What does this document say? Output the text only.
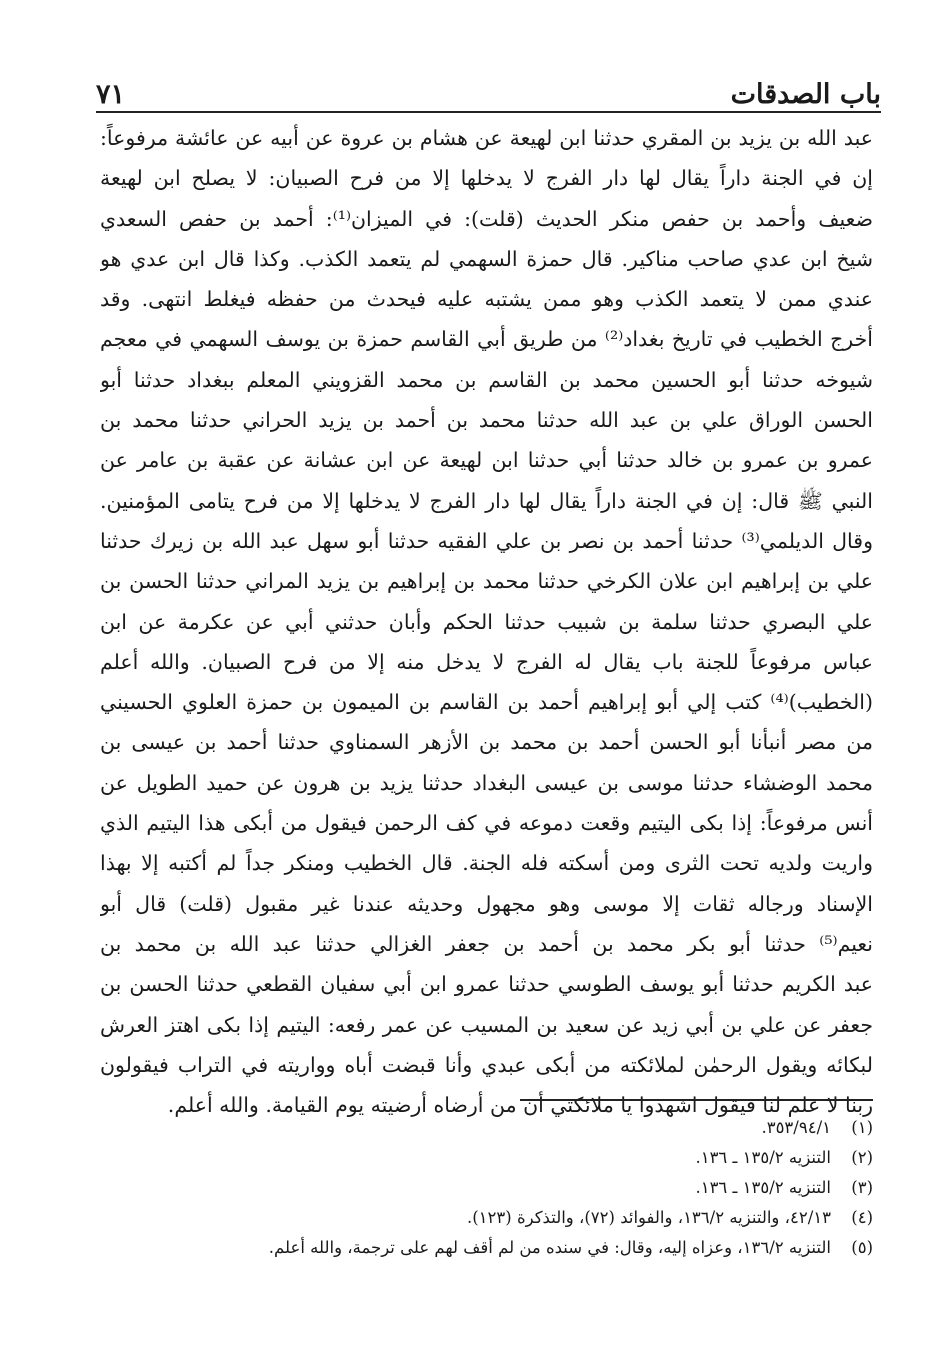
باب الصدقات
٧١
عبد الله بن يزيد بن المقري حدثنا ابن لهيعة عن هشام بن عروة عن أبيه عن عائشة مرفوعاً:
إن في الجنة داراً يقال لها دار الفرج لا يدخلها إلا من فرح الصبيان: لا يصلح ابن لهيعة
ضعيف وأحمد بن حفص منكر الحديث (قلت): في الميزان⁽¹⁾: أحمد بن حفص السعدي
شيخ ابن عدي صاحب مناكير. قال حمزة السهمي لم يتعمد الكذب. وكذا قال ابن عدي هو
عندي ممن لا يتعمد الكذب وهو ممن يشتبه عليه فيحدث من حفظه فيغلط انتهى. وقد
أخرج الخطيب في تاريخ بغداد⁽²⁾ من طريق أبي القاسم حمزة بن يوسف السهمي في معجم
شيوخه حدثنا أبو الحسين محمد بن القاسم بن محمد القزويني المعلم ببغداد حدثنا أبو
الحسن الوراق علي بن عبد الله حدثنا محمد بن أحمد بن يزيد الحراني حدثنا محمد بن
عمرو بن عمرو بن خالد حدثنا أبي حدثنا ابن لهيعة عن ابن عشانة عن عقبة بن عامر عن
النبي ﷺ قال: إن في الجنة داراً يقال لها دار الفرج لا يدخلها إلا من فرح يتامى المؤمنين.
وقال الديلمي⁽³⁾ حدثنا أحمد بن نصر بن علي الفقيه حدثنا أبو سهل عبد الله بن زيرك حدثنا
علي بن إبراهيم ابن علان الكرخي حدثنا محمد بن إبراهيم بن يزيد المراني حدثنا الحسن بن
علي البصري حدثنا سلمة بن شبيب حدثنا الحكم وأبان حدثني أبي عن عكرمة عن ابن
عباس مرفوعاً للجنة باب يقال له الفرج لا يدخل منه إلا من فرح الصبيان. والله أعلم
(الخطيب)⁽⁴⁾ كتب إلي أبو إبراهيم أحمد بن القاسم بن الميمون بن حمزة العلوي الحسيني
من مصر أنبأنا أبو الحسن أحمد بن محمد بن الأزهر السمناوي حدثنا أحمد بن عيسى بن
محمد الوضشاء حدثنا موسى بن عيسى البغداد حدثنا يزيد بن هرون عن حميد الطويل عن
أنس مرفوعاً: إذا بكى اليتيم وقعت دموعه في كف الرحمن فيقول من أبكى هذا اليتيم الذي
واريت ولديه تحت الثرى ومن أسكته فله الجنة. قال الخطيب ومنكر جداً لم أكتبه إلا بهذا
الإسناد ورجاله ثقات إلا موسى وهو مجهول وحديثه عندنا غير مقبول (قلت) قال أبو
نعيم⁽⁵⁾ حدثنا أبو بكر محمد بن أحمد بن جعفر الغزالي حدثنا عبد الله بن محمد بن
عبد الكريم حدثنا أبو يوسف الطوسي حدثنا عمرو ابن أبي سفيان القطعي حدثنا الحسن بن
جعفر عن علي بن أبي زيد عن سعيد بن المسيب عن عمر رفعه: اليتيم إذا بكى اهتز العرش
لبكائه ويقول الرحمٰن لملائكته من أبكى عبدي وأنا قبضت أباه وواريته في التراب فيقولون
ربنا لا علم لنا فيقول اشهدوا يا ملائكتي أن من أرضاه أرضيته يوم القيامة. والله أعلم.
(١)
٣٥٣/٩٤/١.
(٢)
التنزيه ١٣٥/٢ ـ ١٣٦.
(٣)
التنزيه ١٣٥/٢ ـ ١٣٦.
(٤)
٤٢/١٣، والتنزيه ١٣٦/٢، والفوائد (٧٢)، والتذكرة (١٢٣).
(٥)
التنزيه ١٣٦/٢، وعزاه إليه، وقال: في سنده من لم أقف لهم على ترجمة، والله أعلم.
